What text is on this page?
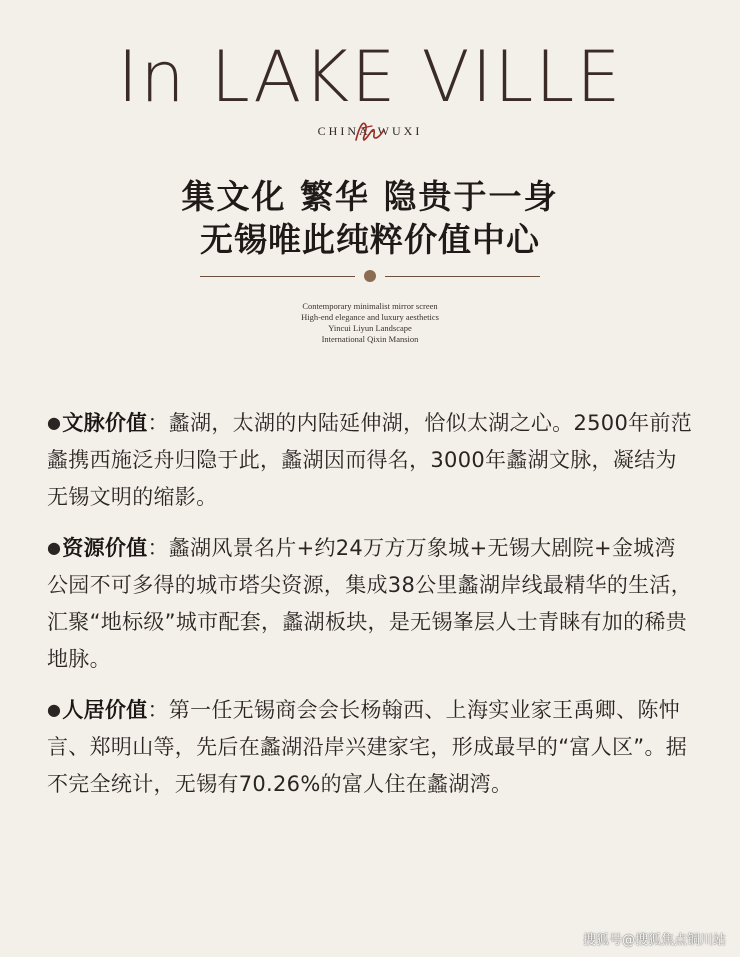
In LAKE VILLE
CHINA·WUXI
集文化 繁华 隐贵于一身
无锡唯此纯粹价值中心
Contemporary minimalist mirror screen
High-end elegance and luxury aesthetics
Yincui Liyun Landscape
International Qixin Mansion

●文脉价值：蠡湖，太湖的内陆延伸湖，恰似太湖之心。2500年前范蠡携西施泛舟归隐于此，蠡湖因而得名，3000年蠡湖文脉，凝结为无锡文明的缩影。

●资源价值：蠡湖风景名片+约24万方万象城+无锡大剧院+金城湾公园不可多得的城市塔尖资源，集成38公里蠡湖岸线最精华的生活，汇聚“地标级”城市配套，蠡湖板块，是无锡峯层人士青睐有加的稀贵地脉。

●人居价值：第一任无锡商会会长杨翰西、上海实业家王禹卿、陈忡言、郑明山等，先后在蠡湖沿岸兴建家宅，形成最早的“富人区”。据不完全统计，无锡有70.26%的富人住在蠡湖湾。

搜狐号@搜狐焦点铜川站
